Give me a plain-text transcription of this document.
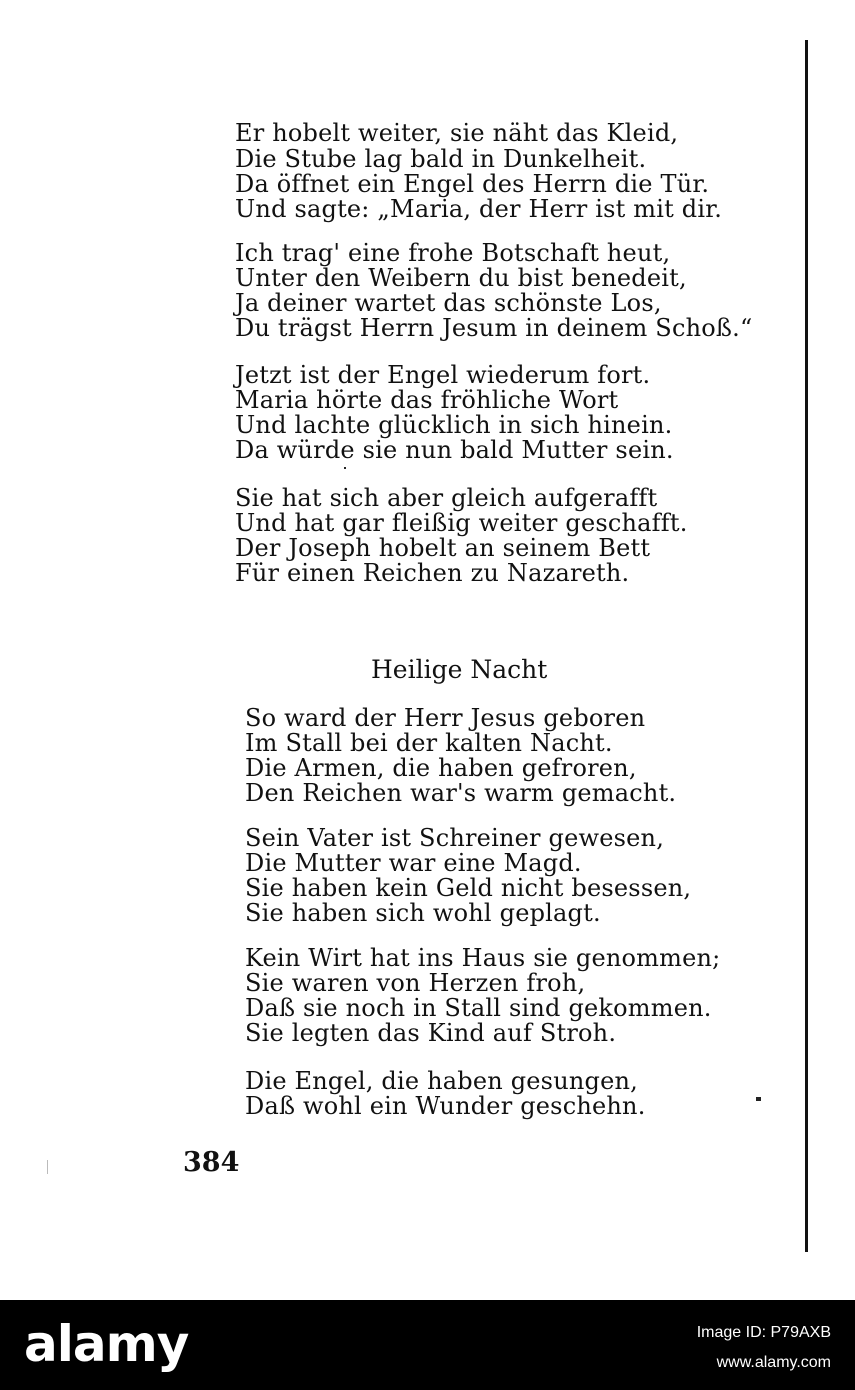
Er hobelt weiter, sie näht das Kleid,
Die Stube lag bald in Dunkelheit.
Da öffnet ein Engel des Herrn die Tür.
Und sagte: „Maria, der Herr ist mit dir.
Ich trag' eine frohe Botschaft heut,
Unter den Weibern du bist benedeit,
Ja deiner wartet das schönste Los,
Du trägst Herrn Jesum in deinem Schoß.“
Jetzt ist der Engel wiederum fort.
Maria hörte das fröhliche Wort
Und lachte glücklich in sich hinein.
Da würde sie nun bald Mutter sein.
Sie hat sich aber gleich aufgerafft
Und hat gar fleißig weiter geschafft.
Der Joseph hobelt an seinem Bett
Für einen Reichen zu Nazareth.
Heilige Nacht
So ward der Herr Jesus geboren
Im Stall bei der kalten Nacht.
Die Armen, die haben gefroren,
Den Reichen war's warm gemacht.
Sein Vater ist Schreiner gewesen,
Die Mutter war eine Magd.
Sie haben kein Geld nicht besessen,
Sie haben sich wohl geplagt.
Kein Wirt hat ins Haus sie genommen;
Sie waren von Herzen froh,
Daß sie noch in Stall sind gekommen.
Sie legten das Kind auf Stroh.
Die Engel, die haben gesungen,
Daß wohl ein Wunder geschehn.
384
alamy	Image ID: P79AXB
www.alamy.com
